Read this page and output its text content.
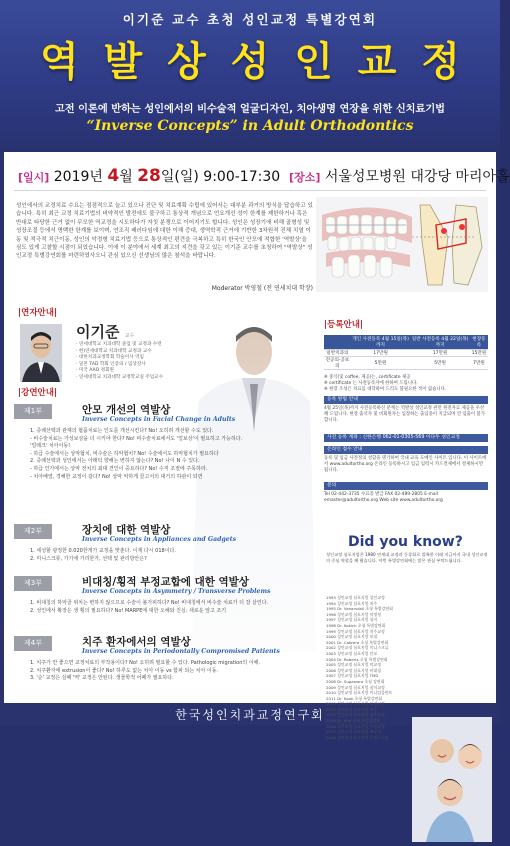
이기준 교수 초청 성인교정 특별강연회
역 발 상 성 인 교 정
고전 이론에 반하는 성인에서의 비수술적 얼굴디자인, 치아생명 연장을 위한 신치료기법
“Inverse Concepts” in Adult Orthodontics
[일시] 2019년 4월 28일(일) 9:00-17:30 [장소] 서울성모병원 대강당 마리아홀
성인에서의 교정치료 수요는 점점적으로 늘고 있으나 진단 및 치료계획 수립에 있어서는 대부분 과거의 방식을 답습하고 있습니다. 특히 최근 교정 치료기법의 비약적인 발전에도 불구하고 통상적 개념으로 언요개선 성이 한계를 제한하거나 혹은 반대로 타당한 근거 없이 무모한 역교정을 시도하다가 자칫 분쟁으로 이어지기도 합니다. 성인은 성장기에 비해 골형성 및 성장조절 등에서 명백한 한계를 보이며, 연조직 패러다임에 대한 이해 증대, 생역학적 근거에 기반한 3차원적 진체 치열 이동 및 적극적 치근이동, 성인의 악정형 치료기법 등으로 통상적인 편견을 극복하고 특히 한국인 안모에 적합한 '역발상'을 심도 있게 고찰할 시점이 되었습니다. 이에 이 분야에서 세계 최고의 지견을 갖고 있는 이기준 교수를 초청하여 "역발상" 성인교정 특별강연회를 마련하였사오니 관심 있으신 선생님의 많은 참석을 바랍니다.
Moderator 박영철 (전 연세치대 학장)
|연자안내|
이기준 교수
· 연세대학교 치과대학 졸업 및 교정과 수련
· 현)연세대학교 치과대학 교정과 교수
· 대한치과교정학회 학술이사 역임
· 일본 TAD 학회 인증의 / 임상강사
· 미국 AAO 정회원
· 연세대학교 치과대학 교정학교실 주임교수
|강연안내|
제1부	안모 개선의 역발상
Inverse Concepts in Facial Change in Adults
1. 증례선택과 관계의 협품치료는 인도를 개선시킨다? No! 오히려 개선할 수도 있다.
- 비수술치료는 가성보상을 더 시키야 한다? No! 비수술치료에서도 '얼보상'이 필요하고 가능하다.
'얼레크' 치아이동!
- 하급 수술에서는 상악협치, 비수술은 하악협치? No! 수술에서도 하악협치가 필요하다
2. 증례선택과 성인에서는 아래턱 향해는 변하지 않는다? No! 나이 N 수 있다.
- 하급 인가에서는 상악 전치의 최대 견인이 중요하다? No! 수직 조절에 주목하라.
- 치아배열, 경해한 교정이 같다? No! 상악 악하게 끌고서의 대거의 하관이 되면
제2부	장치에 대한 역발상
Inverse Concepts in Appliances and Gadgets
1. 세성할 광정한 0.020한개가 교정을 맞춘다. 이제 다시 018이다.
2. 미니스크류, 가기에 가리한가, 선택 및 관리방안은?
제3부	비대칭/횡적 부정교합에 대한 역발상
Inverse Concepts in Asymmetry / Transverse Problems
1. 비대칭의 하악골 위치는 변하지 않으므로 수술이 불가피하다? No! 비대칭에서 비수술 치료가 더 잘 살린다.
2. 성인에서 확장은 생 횡의 필요하다? No! MARPE에 대한 오해와 진실: 새로운 앞고 조기
제4부	치주 환자에서의 역발상
Inverse Concepts in Periodontally Compromised Patients
1. 치주가 안 좋으면 교정치료의 부작용이다? No! 오히려 필요할 수 있다. Pathologic migration의 이해.
2. 치주환자에 extrusion이 좋다? No! 하루도 없는 치아 이동 vs 함피 되는 치아 이동.
3. '순' 교정은 실패 '역' 교정은 안된다. 생물학적 어페가 필요하다.
|등록안내|
	개인 사전등록 4월 15일(목)까지	일반 사전등록 4월 22일(목)까지	현장등록
일반치과의	17만원	17만원	15만원
전공의·공보의	5만원	5만원	7만원
※ 중식(및 coffee, 제공)는, certificate 제공
※ certificate 는 사전등록자에 한하여 드립니다.
※ 현장 조성은 치료를 대학하여 드리도 불필요한 적이 없습니다.
등록 방법 안내
4월 25일(목)까지 사전등록하신 분께는 역발상 성인교정 관련 원전자료 제공을 우선 해 드립니다. 현장 출석자 및 비회원자는 입장하는 출입증이 지급되며 연 입출이 불가합니다.
사전 등록 계좌 : 신한은행 062-01-0305-569 이다두 성인교정
온라인 접수 안내
등록 및 입금 사전정의 성함을 명기하여 국내 교육 도메인 사이트 입니다. 이 사이트에서 www.adultortho.org 온라인 등록하시고 입금 입력시 카드결제에서 결제하시면 됩니다.
문의
Tel 02-442-3735 수료증 발급 FAX 02-489-2805 E-mail emaster@adultortho.org Web site www.adultortho.org
Did you know?
성인교정 심포지엄은 1980 연세대 교정과 동창회로 발족한 이래 지금까지 국내 성인교정의 중심 역할을 해 왔습니다. 이번 특별강연회에는 많은 관심 부탁드립니다.
1993 성인교정 심포지엄 성인교정
1994 성인교정 심포지엄 치주
1995 Dr. Vanarsdall 초청 특별강연회
1996 성인교정 심포지엄 악정형
1997 성인교정 심포지엄 심미
1998 Dr. Kokich 초청 특별강연회
1999 성인교정 심포지엄 치주교정
2000 성인교정 심포지엄 보철
2001 Dr. Cabrera 초청 특별강연회
2002 성인교정 심포지엄 미니스크류
2003 성인교정 심포지엄 안모
2004 Dr. Roberts 초청 특별강연회
2005 성인교정 심포지엄 악교정
2006 성인교정 심포지엄 비대칭
2007 성인교정 심포지엄 TMD
2008 Dr. Sugawara 초청 강연회
2009 성인교정 심포지엄 심미교정
2010 성인교정 심포지엄 미니임플란트
2011 Dr. Kook 초청 특별강연회
2012 성인교정 심포지엄 보철교정
2013 성인교정 심포지엄 치주
2014 성인교정 심포지엄 설측교정
2015 Dr. Kim 초청 특별강연회
2016 성인교정 심포지엄 투명교정
2017 성인교정 심포지엄 악교정
2018 성인교정 심포지엄 수면무호흡
한국성인치과교정연구회
